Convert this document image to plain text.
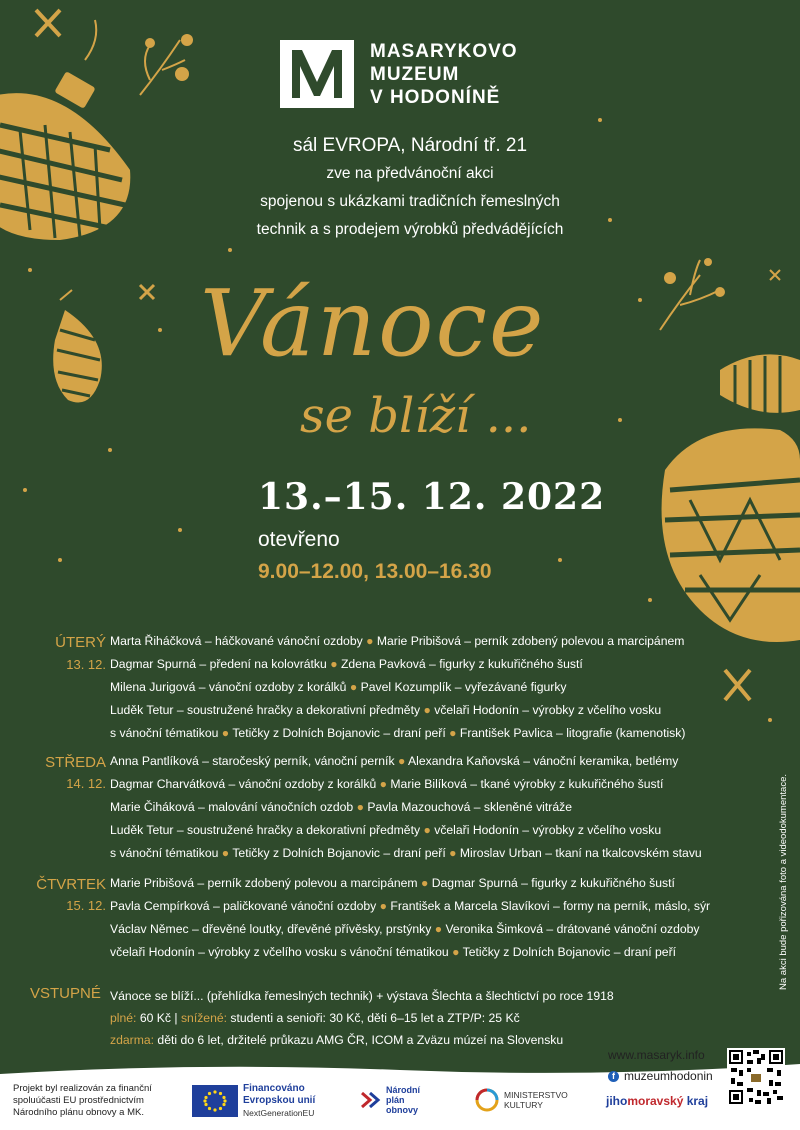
MASARYKOVO
MUZEUM
V HODONÍNĚ
sál EVROPA, Národní tř. 21
zve na předvánoční akci
spojenou s ukázkami tradičních řemeslných
technik a s prodejem výrobků předvádějících
Vánoce
se blíží ...
13.–15. 12. 2022
otevřeno
9.00–12.00, 13.00–16.30
ÚTERÝ
13. 12.
Marta Řiháčková – háčkované vánoční ozdoby ● Marie Pribišová – perník zdobený polevou a marcipánem
Dagmar Spurná – předení na kolovrátku ● Zdena Pavková – figurky z kukuřičného šustí
Milena Jurigová – vánoční ozdoby z korálků ● Pavel Kozumplík – vyřezávané figurky
Luděk Tetur – soustružené hračky a dekorativní předměty ● včelaři Hodonín – výrobky z včelího vosku
s vánoční tématikou ● Tetičky z Dolních Bojanovic – draní peří ● František Pavlica – litografie (kamenotisk)
STŘEDA
14. 12.
Anna Pantlíková – staročeský perník, vánoční perník ● Alexandra Kaňovská – vánoční keramika, betlémy
Dagmar Charvátková – vánoční ozdoby z korálků ● Marie Bilíková – tkané výrobky z kukuřičného šustí
Marie Čiháková – malování vánočních ozdob ● Pavla Mazouchová – skleněné vitráže
Luděk Tetur – soustružené hračky a dekorativní předměty ● včelaři Hodonín – výrobky z včelího vosku
s vánoční tématikou ● Tetičky z Dolních Bojanovic – draní peří ● Miroslav Urban – tkaní na tkalcovském stavu
ČTVRTEK
15. 12.
Marie Pribišová – perník zdobený polevou a marcipánem ● Dagmar Spurná – figurky z kukuřičného šustí
Pavla Cempírková – paličkované vánoční ozdoby ● František a Marcela Slavíkovi – formy na perník, máslo, sýr
Václav Němec – dřevěné loutky, dřevěné přívěsky, prstýnky ● Veronika Šimková – drátované vánoční ozdoby
včelaři Hodonín – výrobky z včelího vosku s vánoční tématikou ● Tetičky z Dolních Bojanovic – draní peří
VSTUPNÉ Vánoce se blíží... (přehlídka řemeslných technik) + výstava Šlechta a šlechtictví po roce 1918
plné: 60 Kč | snížené: studenti a senioři: 30 Kč, děti 6–15 let a ZTP/P: 25 Kč
zdarma: děti do 6 let, držitelé průkazu AMG ČR, ICOM a Zväzu múzeí na Slovensku
Na akci bude pořizována foto a videodokumentace.
Projekt byl realizován za finanční
spoluúčasti EU prostřednictvím
Národního plánu obnovy a MK.
Financováno
Evropskou unií
NextGenerationEU
Národní
plán
obnovy
MINISTERSTVO
KULTURY
www.masaryk.info
f muzeumhodonin
jihomoravský kraj
